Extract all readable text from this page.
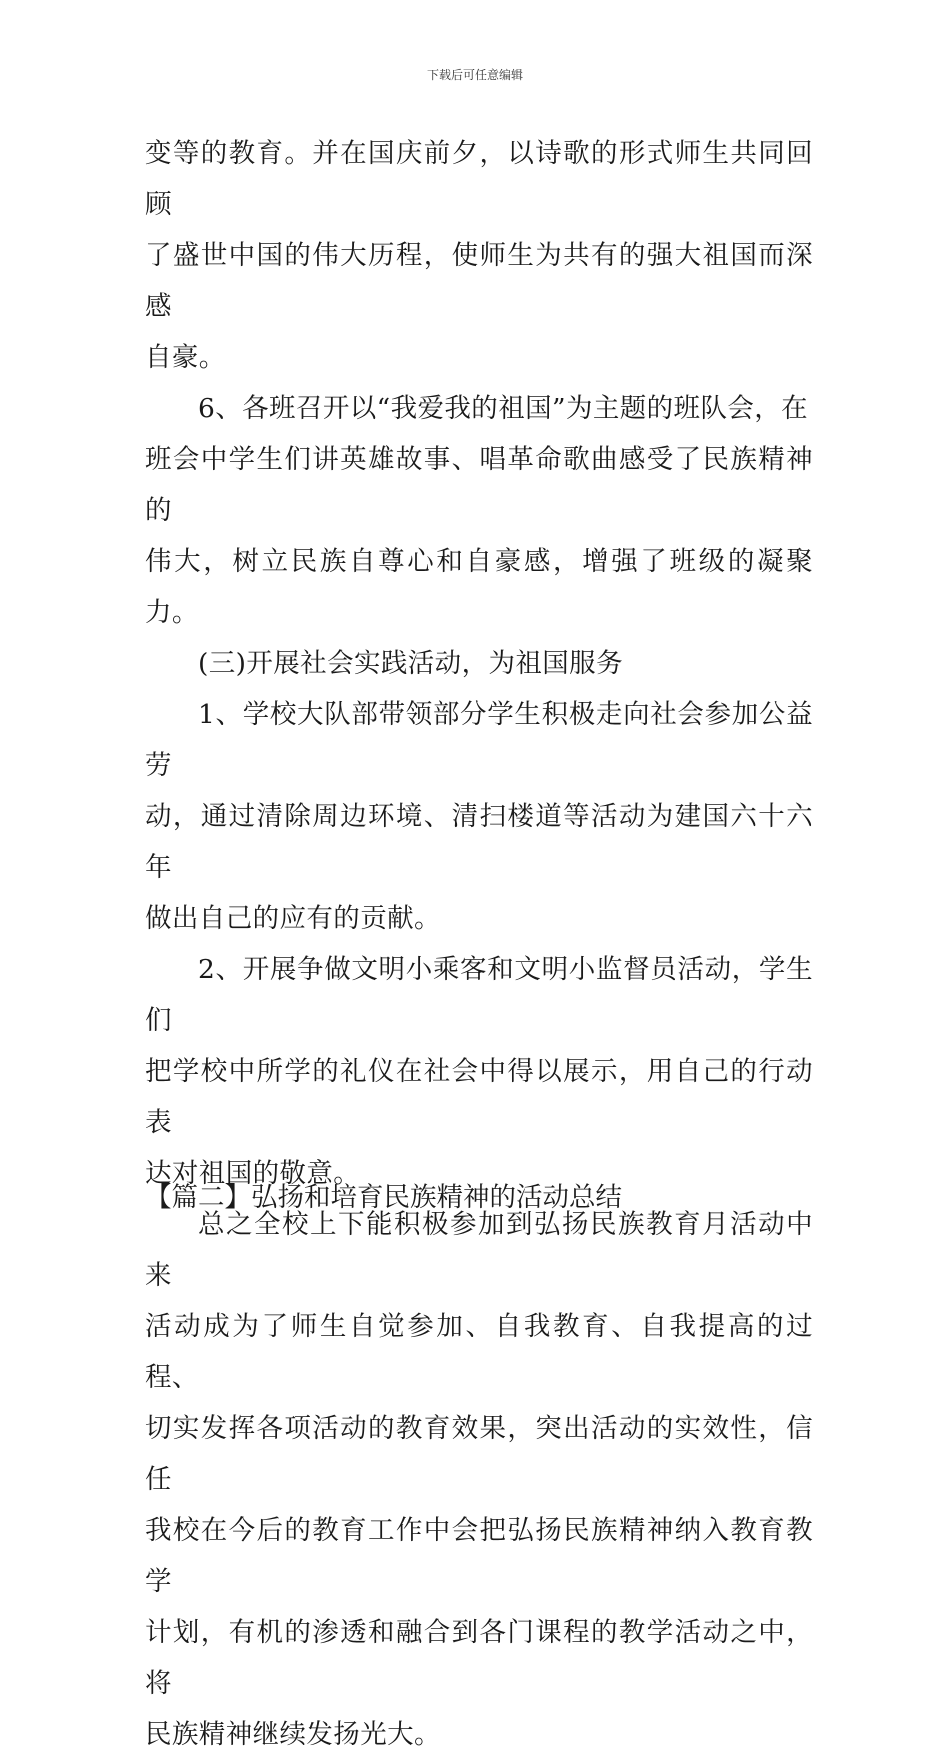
下载后可任意编辑

变等的教育。并在国庆前夕，以诗歌的形式师生共同回顾
了盛世中国的伟大历程，使师生为共有的强大祖国而深感
自豪。

6、各班召开以“我爱我的祖国”为主题的班队会，在
班会中学生们讲英雄故事、唱革命歌曲感受了民族精神的
伟大，树立民族自尊心和自豪感，增强了班级的凝聚力。

(三)开展社会实践活动，为祖国服务

1、学校大队部带领部分学生积极走向社会参加公益劳
动，通过清除周边环境、清扫楼道等活动为建国六十六年
做出自己的应有的贡献。

2、开展争做文明小乘客和文明小监督员活动，学生们
把学校中所学的礼仪在社会中得以展示，用自己的行动表
达对祖国的敬意。

总之全校上下能积极参加到弘扬民族教育月活动中来
活动成为了师生自觉参加、自我教育、自我提高的过程、
切实发挥各项活动的教育效果，突出活动的实效性，信任
我校在今后的教育工作中会把弘扬民族精神纳入教育教学
计划，有机的渗透和融合到各门课程的教学活动之中，将
民族精神继续发扬光大。

【篇二】弘扬和培育民族精神的活动总结
